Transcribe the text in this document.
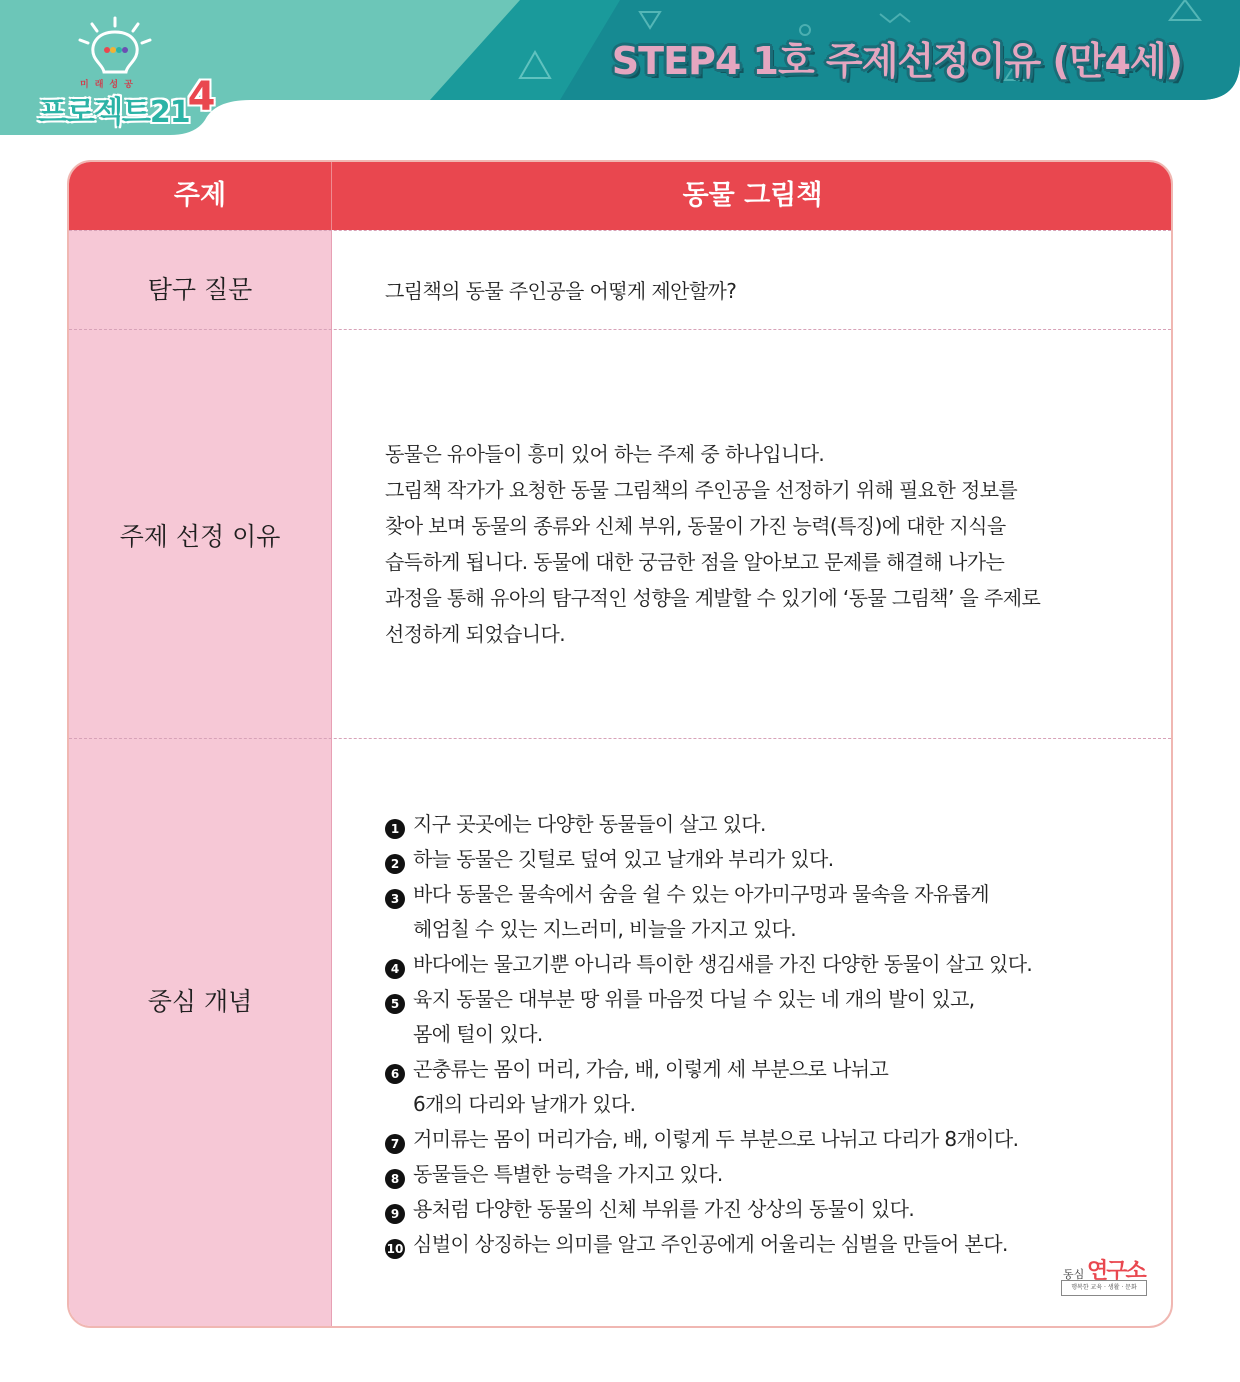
미래성공
프로젝트214
STEP4 1호 주제선정이유 (만4세)
주제	동물 그림책
탐구 질문	그림책의 동물 주인공을 어떻게 제안할까?
주제 선정 이유
동물은 유아들이 흥미 있어 하는 주제 중 하나입니다.
그림책 작가가 요청한 동물 그림책의 주인공을 선정하기 위해 필요한 정보를
찾아 보며 동물의 종류와 신체 부위, 동물이 가진 능력(특징)에 대한 지식을
습득하게 됩니다. 동물에 대한 궁금한 점을 알아보고 문제를 해결해 나가는
과정을 통해 유아의 탐구적인 성향을 계발할 수 있기에 ‘동물 그림책’ 을 주제로
선정하게 되었습니다.
중심 개념
1 지구 곳곳에는 다양한 동물들이 살고 있다.
2 하늘 동물은 깃털로 덮여 있고 날개와 부리가 있다.
3 바다 동물은 물속에서 숨을 쉴 수 있는 아가미구멍과 물속을 자유롭게
헤엄칠 수 있는 지느러미, 비늘을 가지고 있다.
4 바다에는 물고기뿐 아니라 특이한 생김새를 가진 다양한 동물이 살고 있다.
5 육지 동물은 대부분 땅 위를 마음껏 다닐 수 있는 네 개의 발이 있고,
몸에 털이 있다.
6 곤충류는 몸이 머리, 가슴, 배, 이렇게 세 부분으로 나뉘고
6개의 다리와 날개가 있다.
7 거미류는 몸이 머리가슴, 배, 이렇게 두 부분으로 나뉘고 다리가 8개이다.
8 동물들은 특별한 능력을 가지고 있다.
9 용처럼 다양한 동물의 신체 부위를 가진 상상의 동물이 있다.
10 심벌이 상징하는 의미를 알고 주인공에게 어울리는 심벌을 만들어 본다.
동심 연구소
행복한 교육 · 생활 · 문화
